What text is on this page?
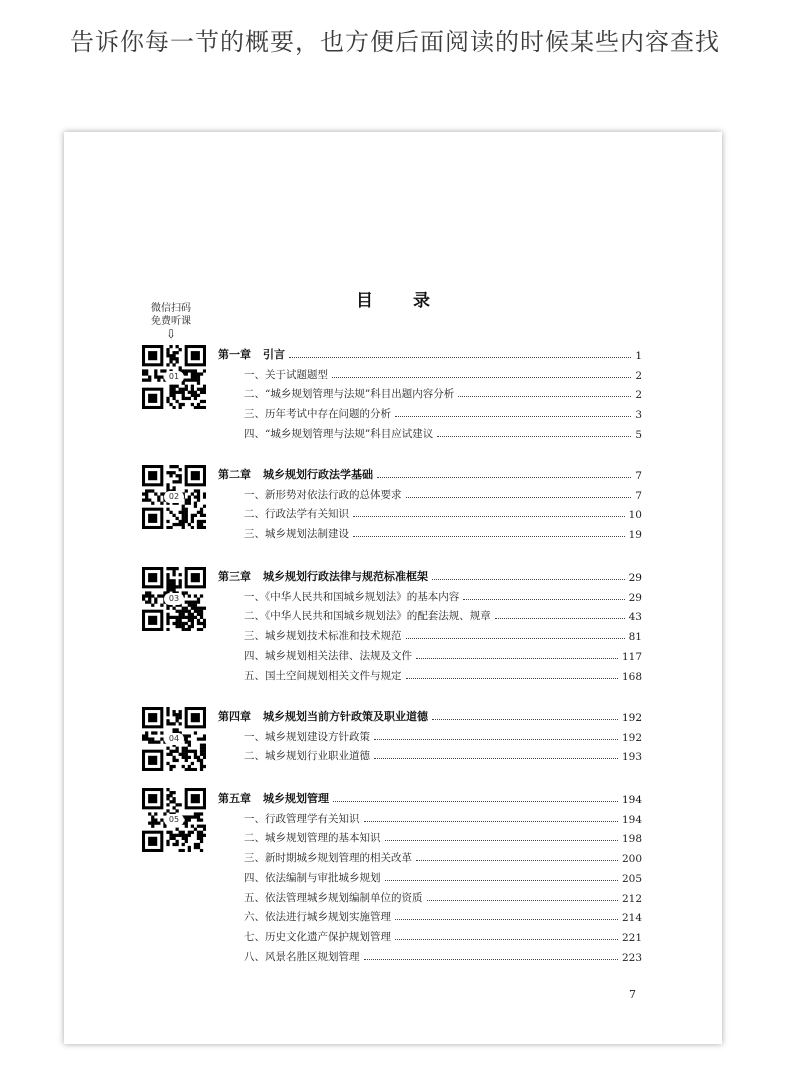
告诉你每一节的概要，也方便后面阅读的时候某些内容查找
目录
微信扫码
免费听课
⇩
01
第一章 引言	1
一、关于试题题型	2
二、“城乡规划管理与法规”科目出题内容分析	2
三、历年考试中存在问题的分析	3
四、“城乡规划管理与法规”科目应试建议	5
02
第二章 城乡规划行政法学基础	7
一、新形势对依法行政的总体要求	7
二、行政法学有关知识	10
三、城乡规划法制建设	19
03
第三章 城乡规划行政法律与规范标准框架	29
一、《中华人民共和国城乡规划法》的基本内容	29
二、《中华人民共和国城乡规划法》的配套法规、规章	43
三、城乡规划技术标准和技术规范	81
四、城乡规划相关法律、法规及文件	117
五、国土空间规划相关文件与规定	168
04
第四章 城乡规划当前方针政策及职业道德	192
一、城乡规划建设方针政策	192
二、城乡规划行业职业道德	193
05
第五章 城乡规划管理	194
一、行政管理学有关知识	194
二、城乡规划管理的基本知识	198
三、新时期城乡规划管理的相关改革	200
四、依法编制与审批城乡规划	205
五、依法管理城乡规划编制单位的资质	212
六、依法进行城乡规划实施管理	214
七、历史文化遗产保护规划管理	221
八、风景名胜区规划管理	223
7
